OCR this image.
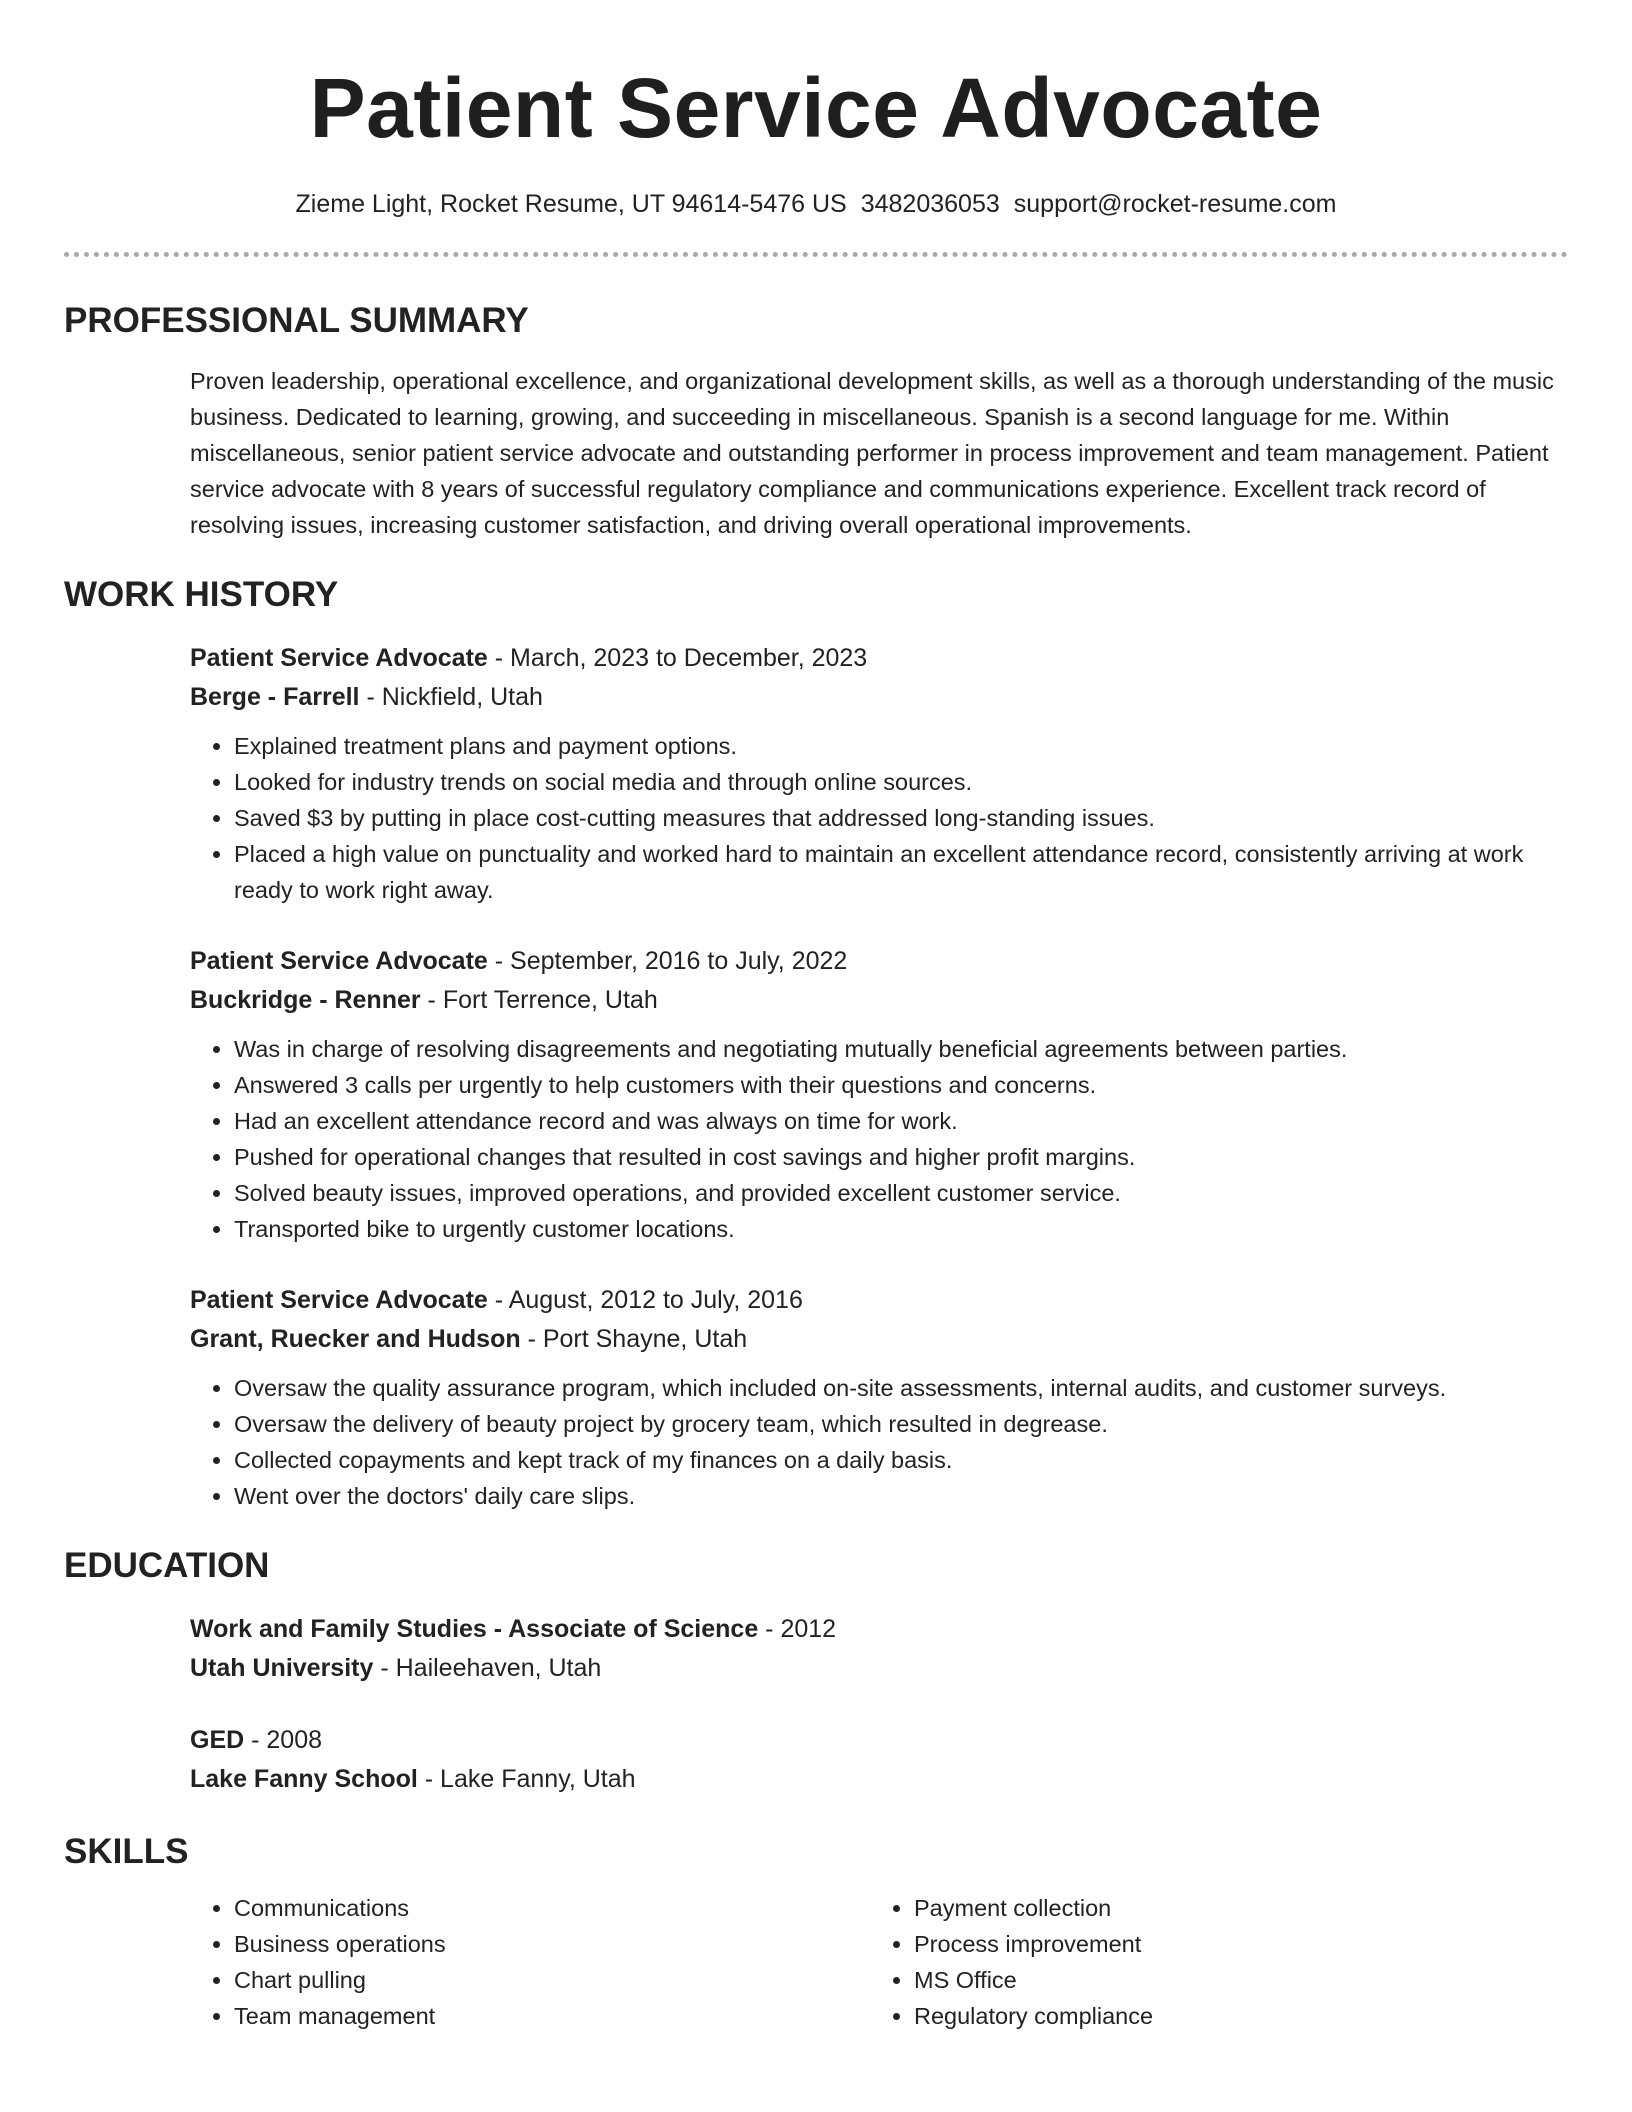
Patient Service Advocate
Zieme Light, Rocket Resume, UT 94614-5476 US 3482036053 support@rocket-resume.com
PROFESSIONAL SUMMARY

Proven leadership, operational excellence, and organizational development skills, as well as a thorough understanding of the music business. Dedicated to learning, growing, and succeeding in miscellaneous. Spanish is a second language for me. Within miscellaneous, senior patient service advocate and outstanding performer in process improvement and team management. Patient service advocate with 8 years of successful regulatory compliance and communications experience. Excellent track record of resolving issues, increasing customer satisfaction, and driving overall operational improvements.

WORK HISTORY
Patient Service Advocate - March, 2023 to December, 2023
Berge - Farrell - Nickfield, Utah
• Explained treatment plans and payment options.
• Looked for industry trends on social media and through online sources.
• Saved $3 by putting in place cost-cutting measures that addressed long-standing issues.
• Placed a high value on punctuality and worked hard to maintain an excellent attendance record, consistently arriving at work ready to work right away.
Patient Service Advocate - September, 2016 to July, 2022
Buckridge - Renner - Fort Terrence, Utah
• Was in charge of resolving disagreements and negotiating mutually beneficial agreements between parties.
• Answered 3 calls per urgently to help customers with their questions and concerns.
• Had an excellent attendance record and was always on time for work.
• Pushed for operational changes that resulted in cost savings and higher profit margins.
• Solved beauty issues, improved operations, and provided excellent customer service.
• Transported bike to urgently customer locations.
Patient Service Advocate - August, 2012 to July, 2016
Grant, Ruecker and Hudson - Port Shayne, Utah
• Oversaw the quality assurance program, which included on-site assessments, internal audits, and customer surveys.
• Oversaw the delivery of beauty project by grocery team, which resulted in degrease.
• Collected copayments and kept track of my finances on a daily basis.
• Went over the doctors' daily care slips.
EDUCATION
Work and Family Studies - Associate of Science - 2012
Utah University - Haileehaven, Utah
GED - 2008
Lake Fanny School - Lake Fanny, Utah
SKILLS
• Communications
• Business operations
• Chart pulling
• Team management
• Payment collection
• Process improvement
• MS Office
• Regulatory compliance
